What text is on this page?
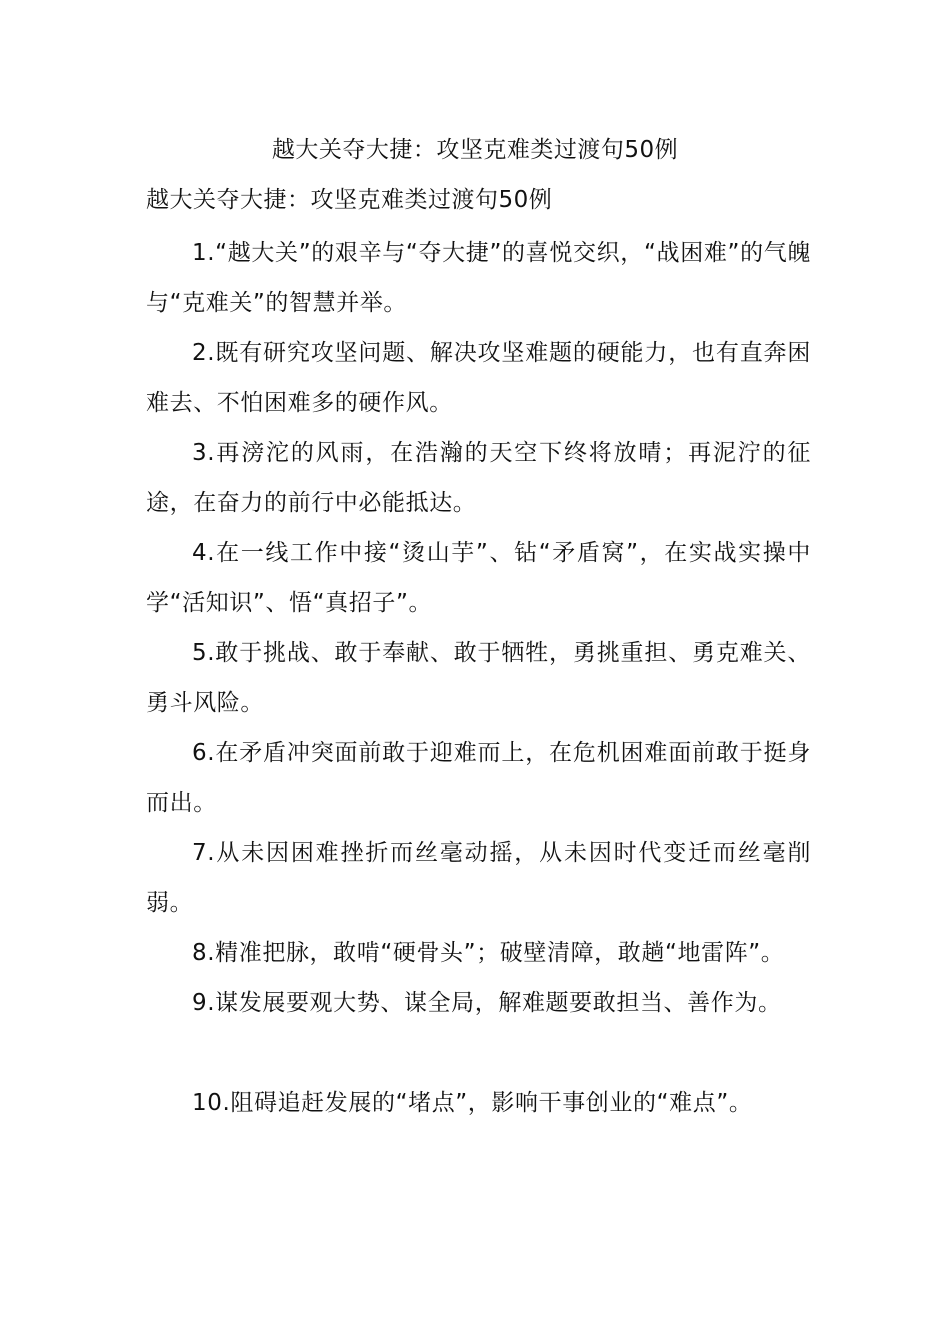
越大关夺大捷：攻坚克难类过渡句50例
越大关夺大捷：攻坚克难类过渡句50例

1.“越大关”的艰辛与“夺大捷”的喜悦交织，“战困难”的气魄与“克难关”的智慧并举。

2.既有研究攻坚问题、解决攻坚难题的硬能力，也有直奔困难去、不怕困难多的硬作风。

3.再滂沱的风雨，在浩瀚的天空下终将放晴；再泥泞的征途，在奋力的前行中必能抵达。

4.在一线工作中接“烫山芋”、钻“矛盾窝”，在实战实操中学“活知识”、悟“真招子”。

5.敢于挑战、敢于奉献、敢于牺牲，勇挑重担、勇克难关、勇斗风险。

6.在矛盾冲突面前敢于迎难而上，在危机困难面前敢于挺身而出。

7.从未因困难挫折而丝毫动摇，从未因时代变迁而丝毫削弱。

8.精准把脉，敢啃“硬骨头”；破壁清障，敢趟“地雷阵”。

9.谋发展要观大势、谋全局，解难题要敢担当、善作为。

10.阻碍追赶发展的“堵点”，影响干事创业的“难点”。
